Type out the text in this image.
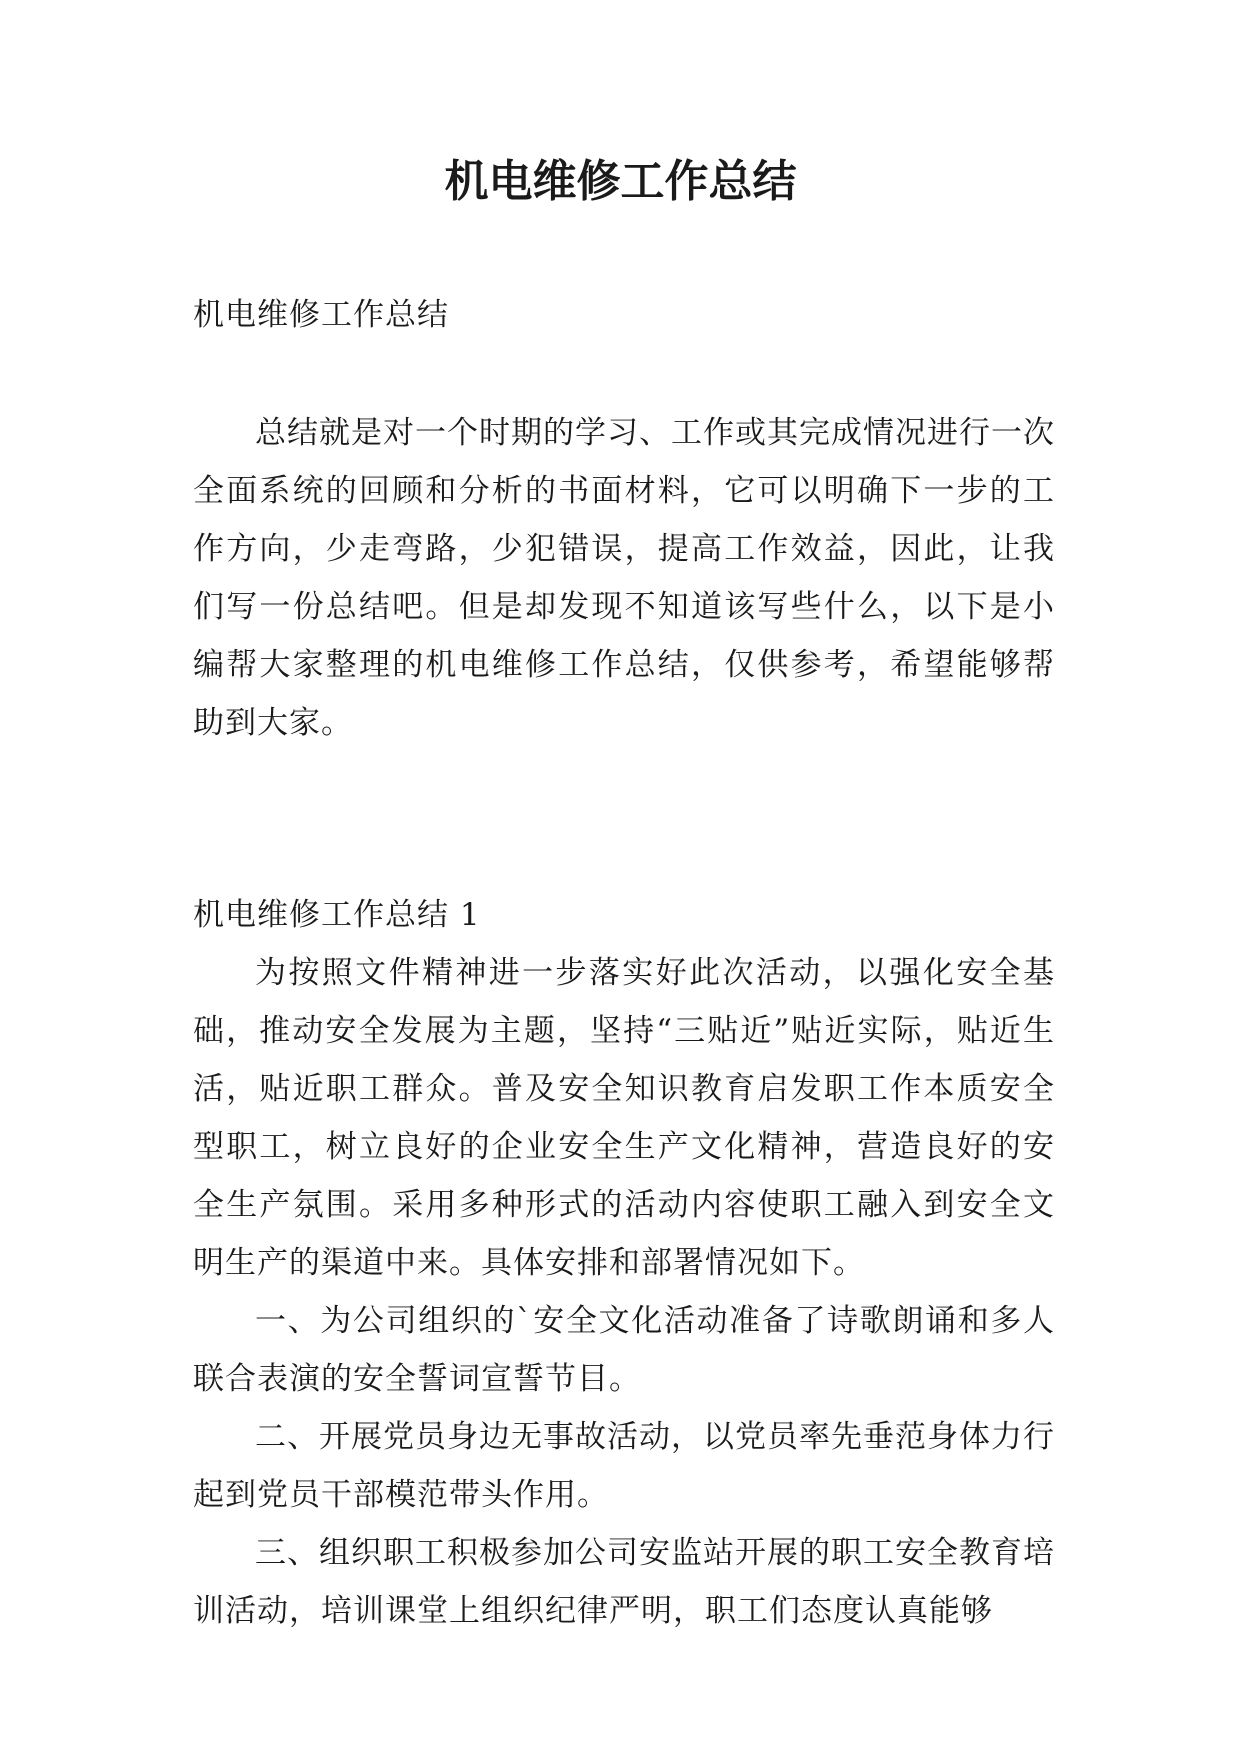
机电维修工作总结

机电维修工作总结

总结就是对一个时期的学习、工作或其完成情况进行一次全面系统的回顾和分析的书面材料，它可以明确下一步的工作方向，少走弯路，少犯错误，提高工作效益，因此，让我们写一份总结吧。但是却发现不知道该写些什么，以下是小编帮大家整理的机电维修工作总结，仅供参考，希望能够帮助到大家。

机电维修工作总结 1

为按照文件精神进一步落实好此次活动，以强化安全基础，推动安全发展为主题，坚持“三贴近”贴近实际，贴近生活，贴近职工群众。普及安全知识教育启发职工作本质安全型职工，树立良好的企业安全生产文化精神，营造良好的安全生产氛围。采用多种形式的活动内容使职工融入到安全文明生产的渠道中来。具体安排和部署情况如下。

一、为公司组织的`安全文化活动准备了诗歌朗诵和多人联合表演的安全誓词宣誓节目。

二、开展党员身边无事故活动，以党员率先垂范身体力行起到党员干部模范带头作用。

三、组织职工积极参加公司安监站开展的职工安全教育培训活动，培训课堂上组织纪律严明，职工们态度认真能够
